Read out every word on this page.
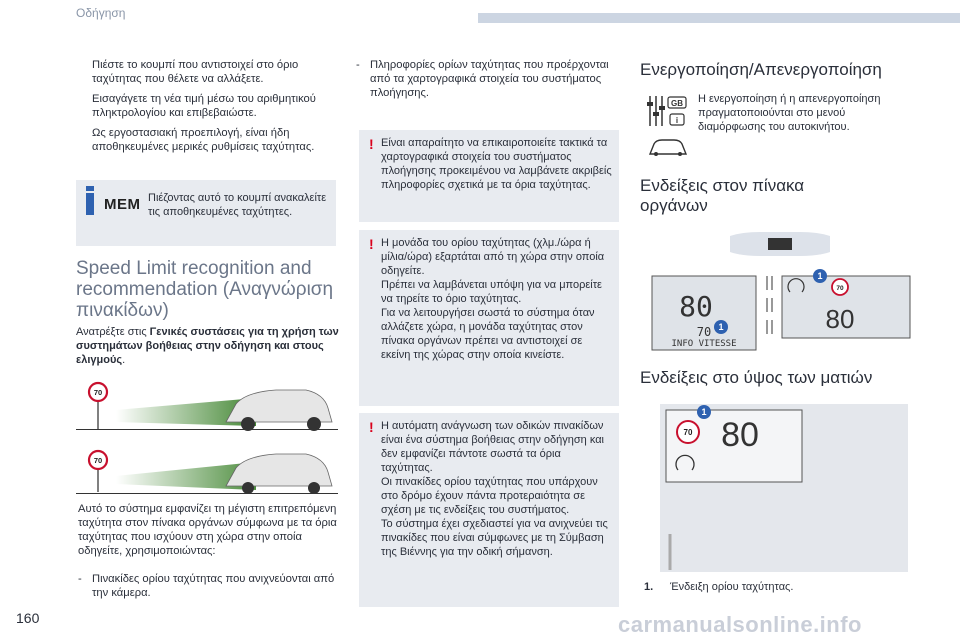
Οδήγηση
Πιέστε το κουμπί που αντιστοιχεί στο όριο ταχύτητας που θέλετε να αλλάξετε.
Εισαγάγετε τη νέα τιμή μέσω του αριθμητικού πληκτρολογίου και επιβεβαιώστε.
Ως εργοστασιακή προεπιλογή, είναι ήδη αποθηκευμένες μερικές ρυθμίσεις ταχύτητας.
MEM Πιέζοντας αυτό το κουμπί ανακαλείτε τις αποθηκευμένες ταχύτητες.
Speed Limit recognition and recommendation (Αναγνώριση πινακίδων)
Ανατρέξτε στις Γενικές συστάσεις για τη χρήση των συστημάτων βοήθειας στην οδήγηση και στους ελιγμούς.
70
70
Αυτό το σύστημα εμφανίζει τη μέγιστη επιτρεπόμενη ταχύτητα στον πίνακα οργάνων σύμφωνα με τα όρια ταχύτητας που ισχύουν στη χώρα στην οποία οδηγείτε, χρησιμοποιώντας:
- Πινακίδες ορίου ταχύτητας που ανιχνεύονται από την κάμερα.
- Πληροφορίες ορίων ταχύτητας που προέρχονται από τα χαρτογραφικά στοιχεία του συστήματος πλοήγησης.
! Είναι απαραίτητο να επικαιροποιείτε τακτικά τα χαρτογραφικά στοιχεία του συστήματος πλοήγησης προκειμένου να λαμβάνετε ακριβείς πληροφορίες σχετικά με τα όρια ταχύτητας.
! Η μονάδα του ορίου ταχύτητας (χλμ./ώρα ή μίλια/ώρα) εξαρτάται από τη χώρα στην οποία οδηγείτε.
Πρέπει να λαμβάνεται υπόψη για να μπορείτε να τηρείτε το όριο ταχύτητας.
Για να λειτουργήσει σωστά το σύστημα όταν αλλάζετε χώρα, η μονάδα ταχύτητας στον πίνακα οργάνων πρέπει να αντιστοιχεί σε εκείνη της χώρας στην οποία κινείστε.
! Η αυτόματη ανάγνωση των οδικών πινακίδων είναι ένα σύστημα βοήθειας στην οδήγηση και δεν εμφανίζει πάντοτε σωστά τα όρια ταχύτητας.
Οι πινακίδες ορίου ταχύτητας που υπάρχουν στο δρόμο έχουν πάντα προτεραιότητα σε σχέση με τις ενδείξεις του συστήματος.
Το σύστημα έχει σχεδιαστεί για να ανιχνεύει τις πινακίδες που είναι σύμφωνες με τη Σύμβαση της Βιέννης για την οδική σήμανση.
Ενεργοποίηση/Απενεργοποίηση
GB
i
Η ενεργοποίηση ή η απενεργοποίηση πραγματοποιούνται στο μενού διαμόρφωσης του αυτοκινήτου.
Ενδείξεις στον πίνακα οργάνων
80
70
INFO VITESSE
70
80
1
1
Ενδείξεις στο ύψος των ματιών
70 80
1
1. Ένδειξη ορίου ταχύτητας.
160	carmanualsonline.info
